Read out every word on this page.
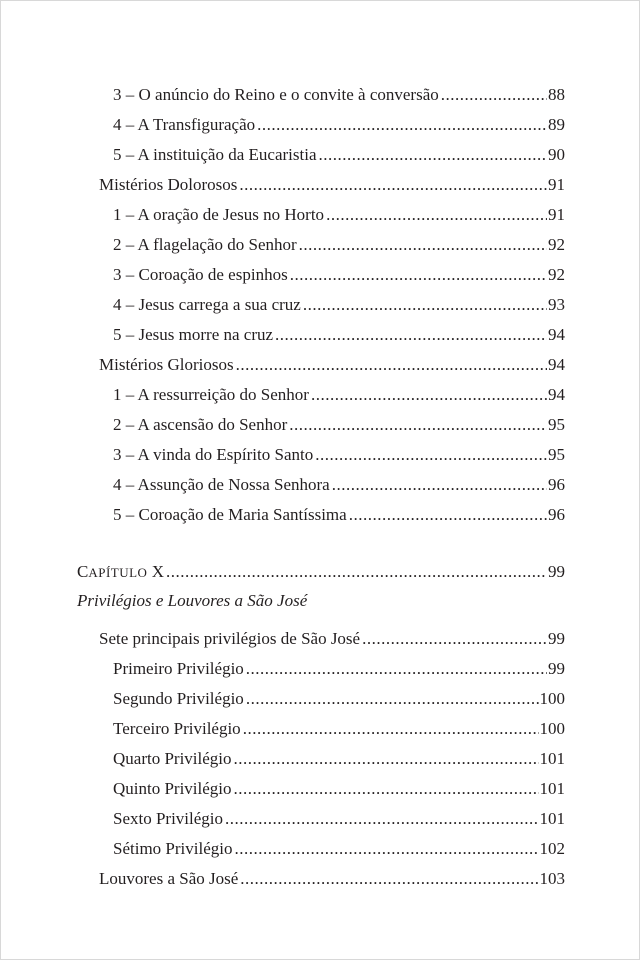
3 – O anúncio do Reino e o convite à conversão .....	88
4 – A Transfiguração .....	89
5 – A instituição da Eucaristia .....	90
Mistérios Dolorosos .....	91
1 – A oração de Jesus no Horto .....	91
2 – A flagelação do Senhor .....	92
3 – Coroação de espinhos .....	92
4 – Jesus carrega a sua cruz .....	93
5 – Jesus morre na cruz .....	94
Mistérios Gloriosos .....	94
1 – A ressurreição do Senhor .....	94
2 – A ascensão do Senhor .....	95
3 – A vinda do Espírito Santo .....	95
4 – Assunção de Nossa Senhora .....	96
5 – Coroação de Maria Santíssima .....	96
CAPÍTULO X .....	99
Privilégios e Louvores a São José
Sete principais privilégios de São José .....	99
Primeiro Privilégio .....	99
Segundo Privilégio .....	100
Terceiro Privilégio .....	100
Quarto Privilégio .....	101
Quinto Privilégio .....	101
Sexto Privilégio .....	101
Sétimo Privilégio .....	102
Louvores a São José .....	103
